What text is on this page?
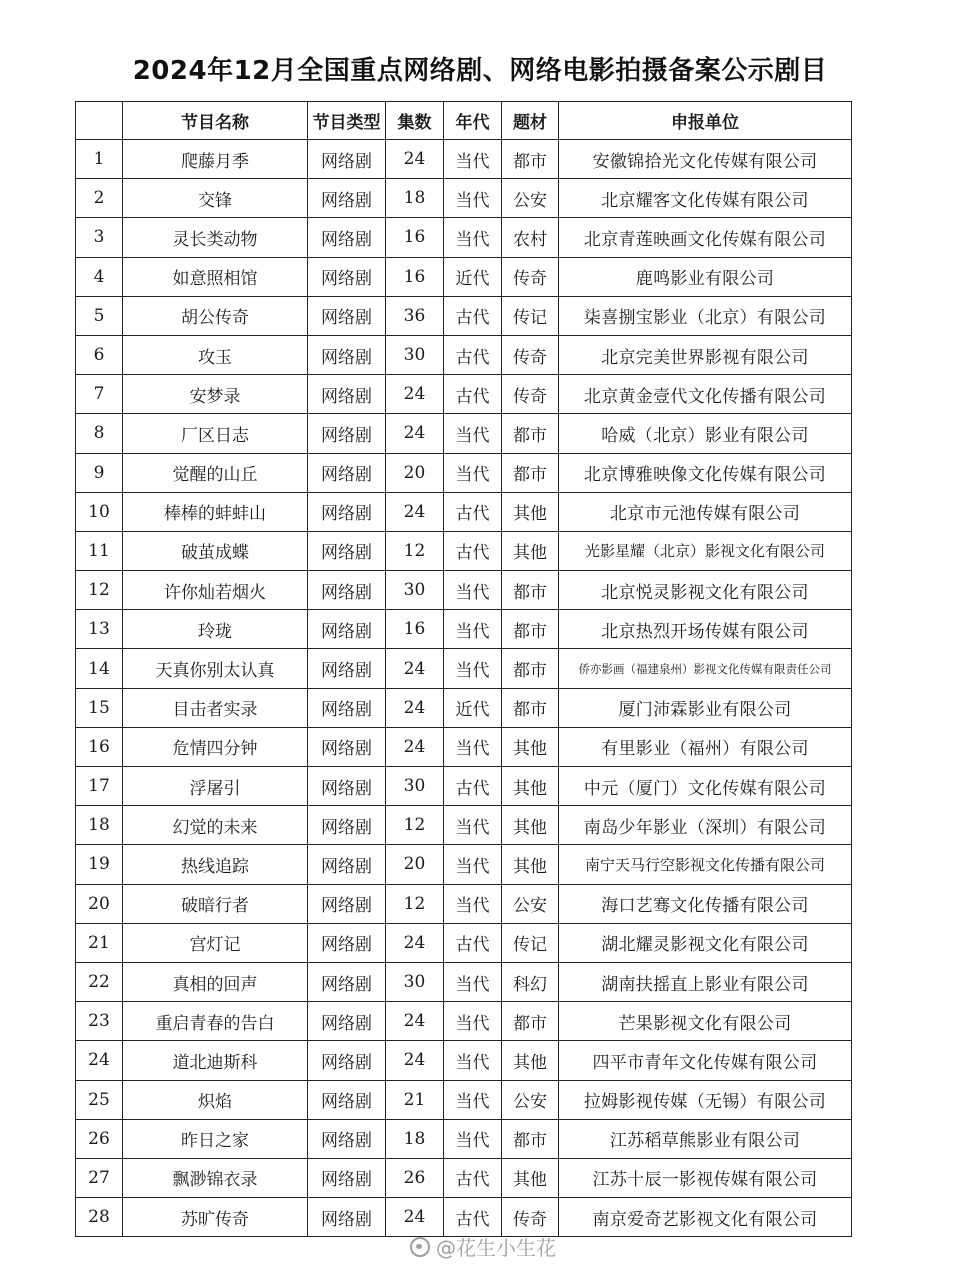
2024年12月全国重点网络剧、网络电影拍摄备案公示剧目
	节目名称	节目类型	集数	年代	题材	申报单位
1	爬藤月季	网络剧	24	当代	都市	安徽锦拾光文化传媒有限公司
2	交锋	网络剧	18	当代	公安	北京耀客文化传媒有限公司
3	灵长类动物	网络剧	16	当代	农村	北京青莲映画文化传媒有限公司
4	如意照相馆	网络剧	16	近代	传奇	鹿鸣影业有限公司
5	胡公传奇	网络剧	36	古代	传记	柒喜捌宝影业（北京）有限公司
6	攻玉	网络剧	30	古代	传奇	北京完美世界影视有限公司
7	安梦录	网络剧	24	古代	传奇	北京黄金壹代文化传播有限公司
8	厂区日志	网络剧	24	当代	都市	哈威（北京）影业有限公司
9	觉醒的山丘	网络剧	20	当代	都市	北京博雅映像文化传媒有限公司
10	棒棒的蚌蚌山	网络剧	24	古代	其他	北京市元池传媒有限公司
11	破茧成蝶	网络剧	12	古代	其他	光影星耀（北京）影视文化有限公司
12	许你灿若烟火	网络剧	30	当代	都市	北京悦灵影视文化有限公司
13	玲珑	网络剧	16	当代	都市	北京热烈开场传媒有限公司
14	天真你别太认真	网络剧	24	当代	都市	侨亦影画（福建泉州）影视文化传媒有限责任公司
15	目击者实录	网络剧	24	近代	都市	厦门沛霖影业有限公司
16	危情四分钟	网络剧	24	当代	其他	有里影业（福州）有限公司
17	浮屠引	网络剧	30	古代	其他	中元（厦门）文化传媒有限公司
18	幻觉的未来	网络剧	12	当代	其他	南岛少年影业（深圳）有限公司
19	热线追踪	网络剧	20	当代	其他	南宁天马行空影视文化传播有限公司
20	破暗行者	网络剧	12	当代	公安	海口艺骞文化传播有限公司
21	宫灯记	网络剧	24	古代	传记	湖北耀灵影视文化有限公司
22	真相的回声	网络剧	30	当代	科幻	湖南扶摇直上影业有限公司
23	重启青春的告白	网络剧	24	当代	都市	芒果影视文化有限公司
24	道北迪斯科	网络剧	24	当代	其他	四平市青年文化传媒有限公司
25	炽焰	网络剧	21	当代	公安	拉姆影视传媒（无锡）有限公司
26	昨日之家	网络剧	18	当代	都市	江苏稻草熊影业有限公司
27	飘渺锦衣录	网络剧	26	古代	其他	江苏十辰一影视传媒有限公司
28	苏旷传奇	网络剧	24	古代	传奇	南京爱奇艺影视文化有限公司
@花生小生花
